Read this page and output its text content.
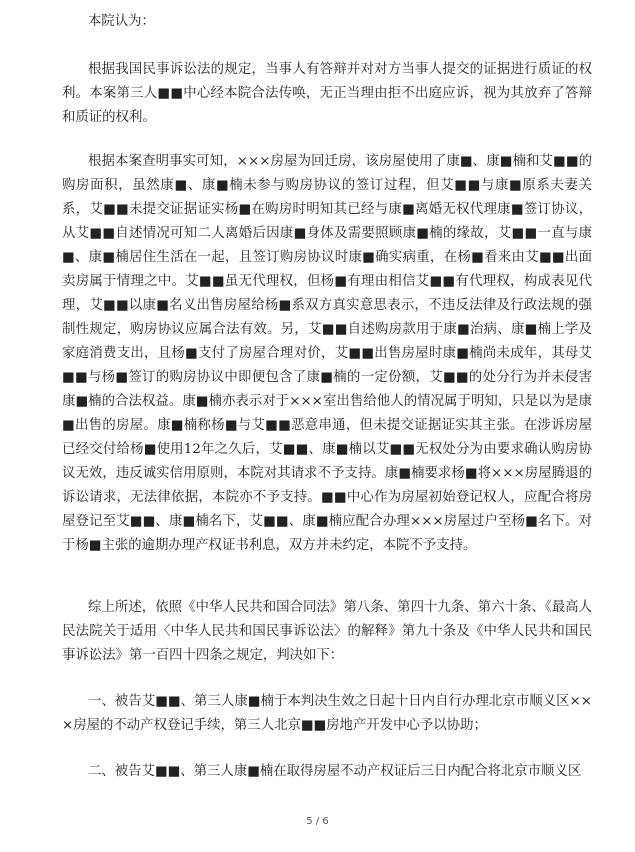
本院认为：

根据我国民事诉讼法的规定，当事人有答辩并对对方当事人提交的证据进行质证的权利。本案第三人■■中心经本院合法传唤，无正当理由拒不出庭应诉，视为其放弃了答辩和质证的权利。

根据本案查明事实可知，×××房屋为回迁房，该房屋使用了康■、康■楠和艾■■的购房面积，虽然康■、康■楠未参与购房协议的签订过程，但艾■■与康■原系夫妻关系，艾■■未提交证据证实杨■在购房时明知其已经与康■离婚无权代理康■签订协议，从艾■■自述情况可知二人离婚后因康■身体及需要照顾康■楠的缘故，艾■■一直与康■、康■楠居住生活在一起，且签订购房协议时康■确实病重，在杨■看来由艾■■出面卖房属于情理之中。艾■■虽无代理权，但杨■有理由相信艾■■有代理权，构成表见代理，艾■■以康■名义出售房屋给杨■系双方真实意思表示，不违反法律及行政法规的强制性规定，购房协议应属合法有效。另，艾■■自述购房款用于康■治病、康■楠上学及家庭消费支出，且杨■支付了房屋合理对价，艾■■出售房屋时康■楠尚未成年，其母艾■■与杨■签订的购房协议中即便包含了康■楠的一定份额，艾■■的处分行为并未侵害康■楠的合法权益。康■楠亦表示对于×××室出售给他人的情况属于明知，只是以为是康■出售的房屋。康■楠称杨■与艾■■恶意串通，但未提交证据证实其主张。在涉诉房屋已经交付给杨■使用12年之久后，艾■■、康■楠以艾■■无权处分为由要求确认购房协议无效，违反诚实信用原则，本院对其请求不予支持。康■楠要求杨■将×××房屋腾退的诉讼请求，无法律依据，本院亦不予支持。■■中心作为房屋初始登记权人，应配合将房屋登记至艾■■、康■楠名下，艾■■、康■楠应配合办理×××房屋过户至杨■名下。对于杨■主张的逾期办理产权证书利息，双方并未约定，本院不予支持。

综上所述，依照《中华人民共和国合同法》第八条、第四十九条、第六十条、《最高人民法院关于适用〈中华人民共和国民事诉讼法〉的解释》第九十条及《中华人民共和国民事诉讼法》第一百四十四条之规定，判决如下：

一、被告艾■■、第三人康■楠于本判决生效之日起十日内自行办理北京市顺义区×××房屋的不动产权登记手续，第三人北京■■房地产开发中心予以协助；

二、被告艾■■、第三人康■楠在取得房屋不动产权证后三日内配合将北京市顺义区

5 / 6
